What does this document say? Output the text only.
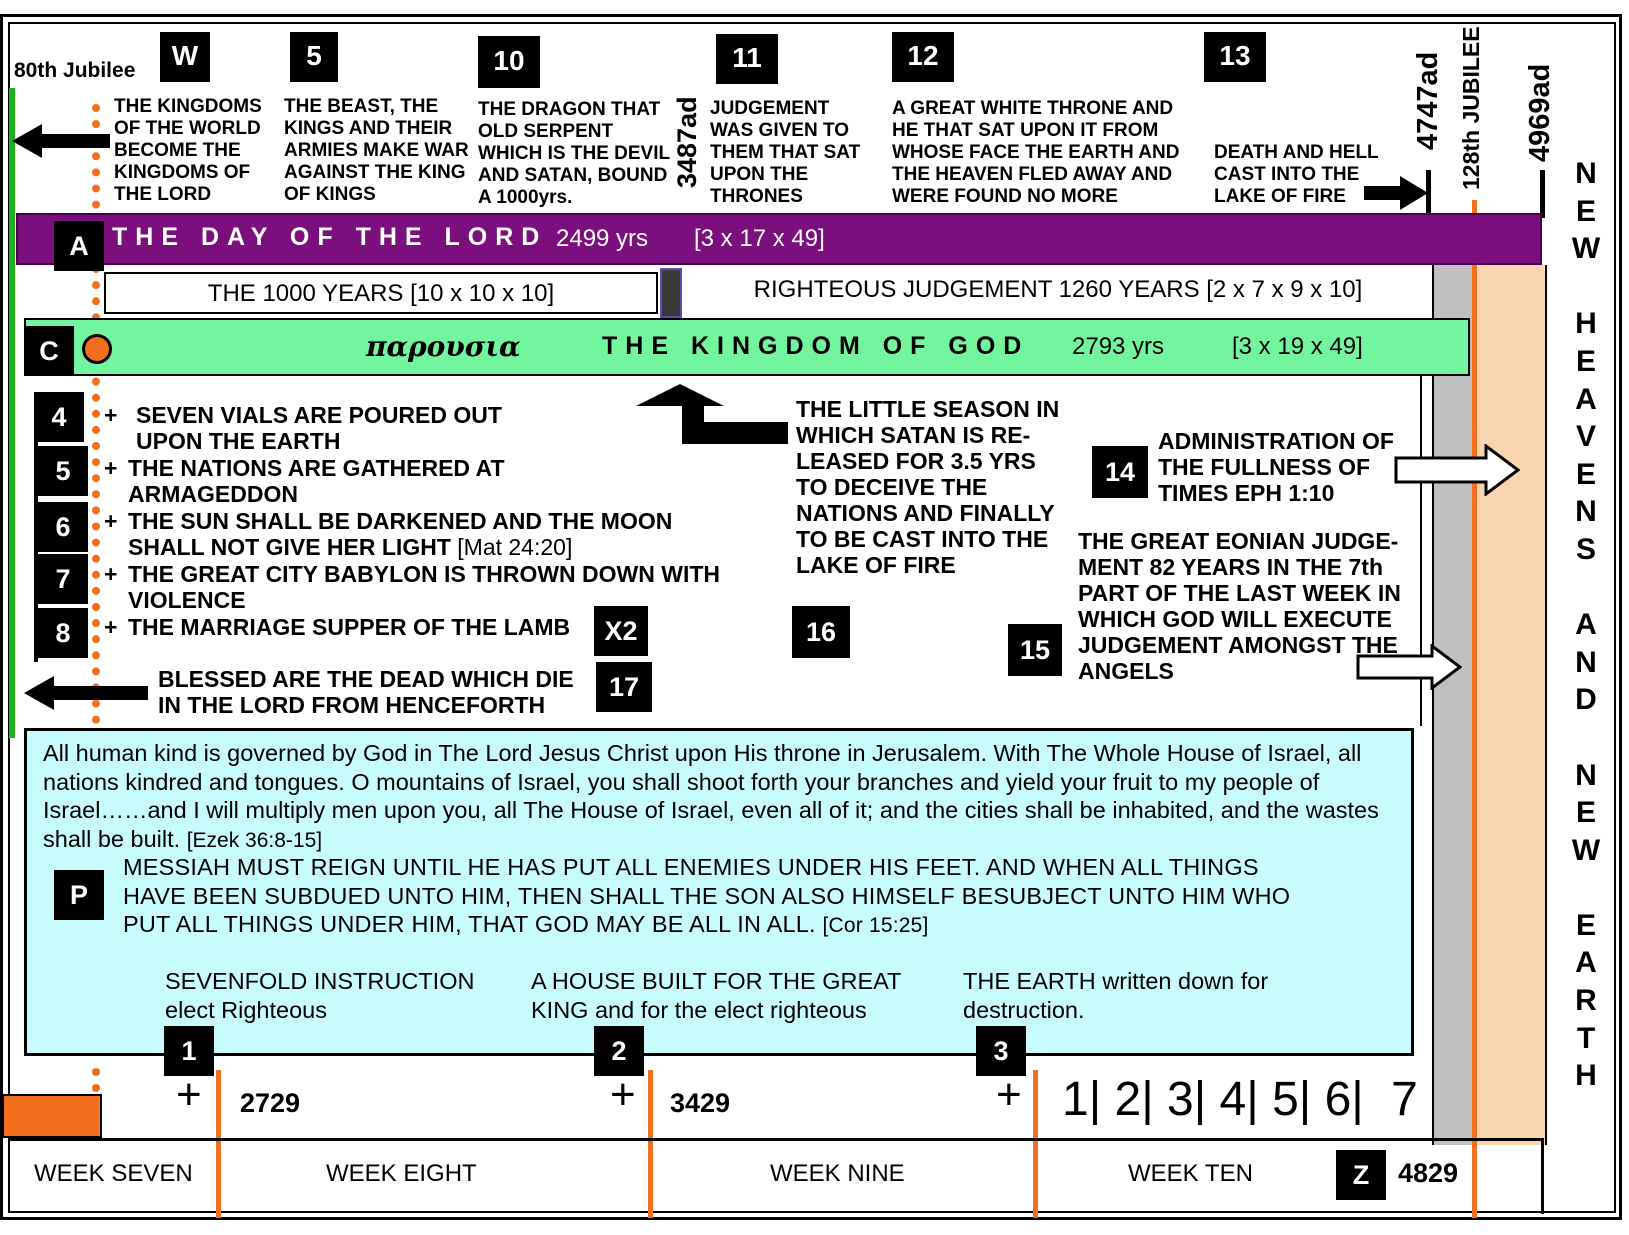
80th Jubilee	W	5	10	11	12	13
THE KINGDOMS OF THE WORLD BECOME THE KINGDOMS OF THE LORD
THE BEAST, THE KINGS AND THEIR ARMIES MAKE WAR AGAINST THE KING OF KINGS
THE DRAGON THAT OLD SERPENT WHICH IS THE DEVIL AND SATAN, BOUND A 1000yrs.
JUDGEMENT WAS GIVEN TO THEM THAT SAT UPON THE THRONES
A GREAT WHITE THRONE AND HE THAT SAT UPON IT FROM WHOSE FACE THE EARTH AND THE HEAVEN FLED AWAY AND WERE FOUND NO MORE
DEATH AND HELL CAST INTO THE LAKE OF FIRE
3487ad	4747ad 128th JUBILEE 4969ad
N
E
W

H
E
A
V
E
N
S

A
N
D

N
E
W

E
A
R
T
H
THE DAY OF THE LORD 2499 yrs [3 x 17 x 49]
A
THE 1000 YEARS [10 x 10 x 10]	RIGHTEOUS JUDGEMENT 1260 YEARS [2 x 7 x 9 x 10]
παρουσια	THE KINGDOM OF GOD 2793 yrs	[3 x 19 x 49]
C
4
5
6
7
8
+ SEVEN VIALS ARE POURED OUT UPON THE EARTH
+ THE NATIONS ARE GATHERED AT ARMAGEDDON
+ THE SUN SHALL BE DARKENED AND THE MOON SHALL NOT GIVE HER LIGHT [Mat 24:20]
+ THE GREAT CITY BABYLON IS THROWN DOWN WITH VIOLENCE
+ THE MARRIAGE SUPPER OF THE LAMB	X2
BLESSED ARE THE DEAD WHICH DIE IN THE LORD FROM HENCEFORTH
17
THE LITTLE SEASON IN WHICH SATAN IS RE- LEASED FOR 3.5 YRS TO DECEIVE THE NATIONS AND FINALLY TO BE CAST INTO THE LAKE OF FIRE
16
14
ADMINISTRATION OF THE FULLNESS OF TIMES EPH 1:10
THE GREAT EONIAN JUDGE- MENT 82 YEARS IN THE 7th PART OF THE LAST WEEK IN WHICH GOD WILL EXECUTE JUDGEMENT AMONGST THE ANGELS
15
All human kind is governed by God in The Lord Jesus Christ upon His throne in Jerusalem. With The Whole House of Israel, all nations kindred and tongues. O mountains of Israel, you shall shoot forth your branches and yield your fruit to my people of Israel……and I will multiply men upon you, all The House of Israel, even all of it; and the cities shall be inhabited, and the wastes shall be built. [Ezek 36:8-15]
MESSIAH MUST REIGN UNTIL HE HAS PUT ALL ENEMIES UNDER HIS FEET. AND WHEN ALL THINGS HAVE BEEN SUBDUED UNTO HIM, THEN SHALL THE SON ALSO HIMSELF BESUBJECT UNTO HIM WHO PUT ALL THINGS UNDER HIM, THAT GOD MAY BE ALL IN ALL. [Cor 15:25]
SEVENFOLD INSTRUCTION elect Righteous
A HOUSE BUILT FOR THE GREAT KING and for the elect righteous
THE EARTH written down for destruction.
P
1	2	3
+ 2729	+ 3429	+ 1| 2| 3| 4| 5| 6| 7
WEEK SEVEN	WEEK EIGHT	WEEK NINE	WEEK TEN	Z	4829
